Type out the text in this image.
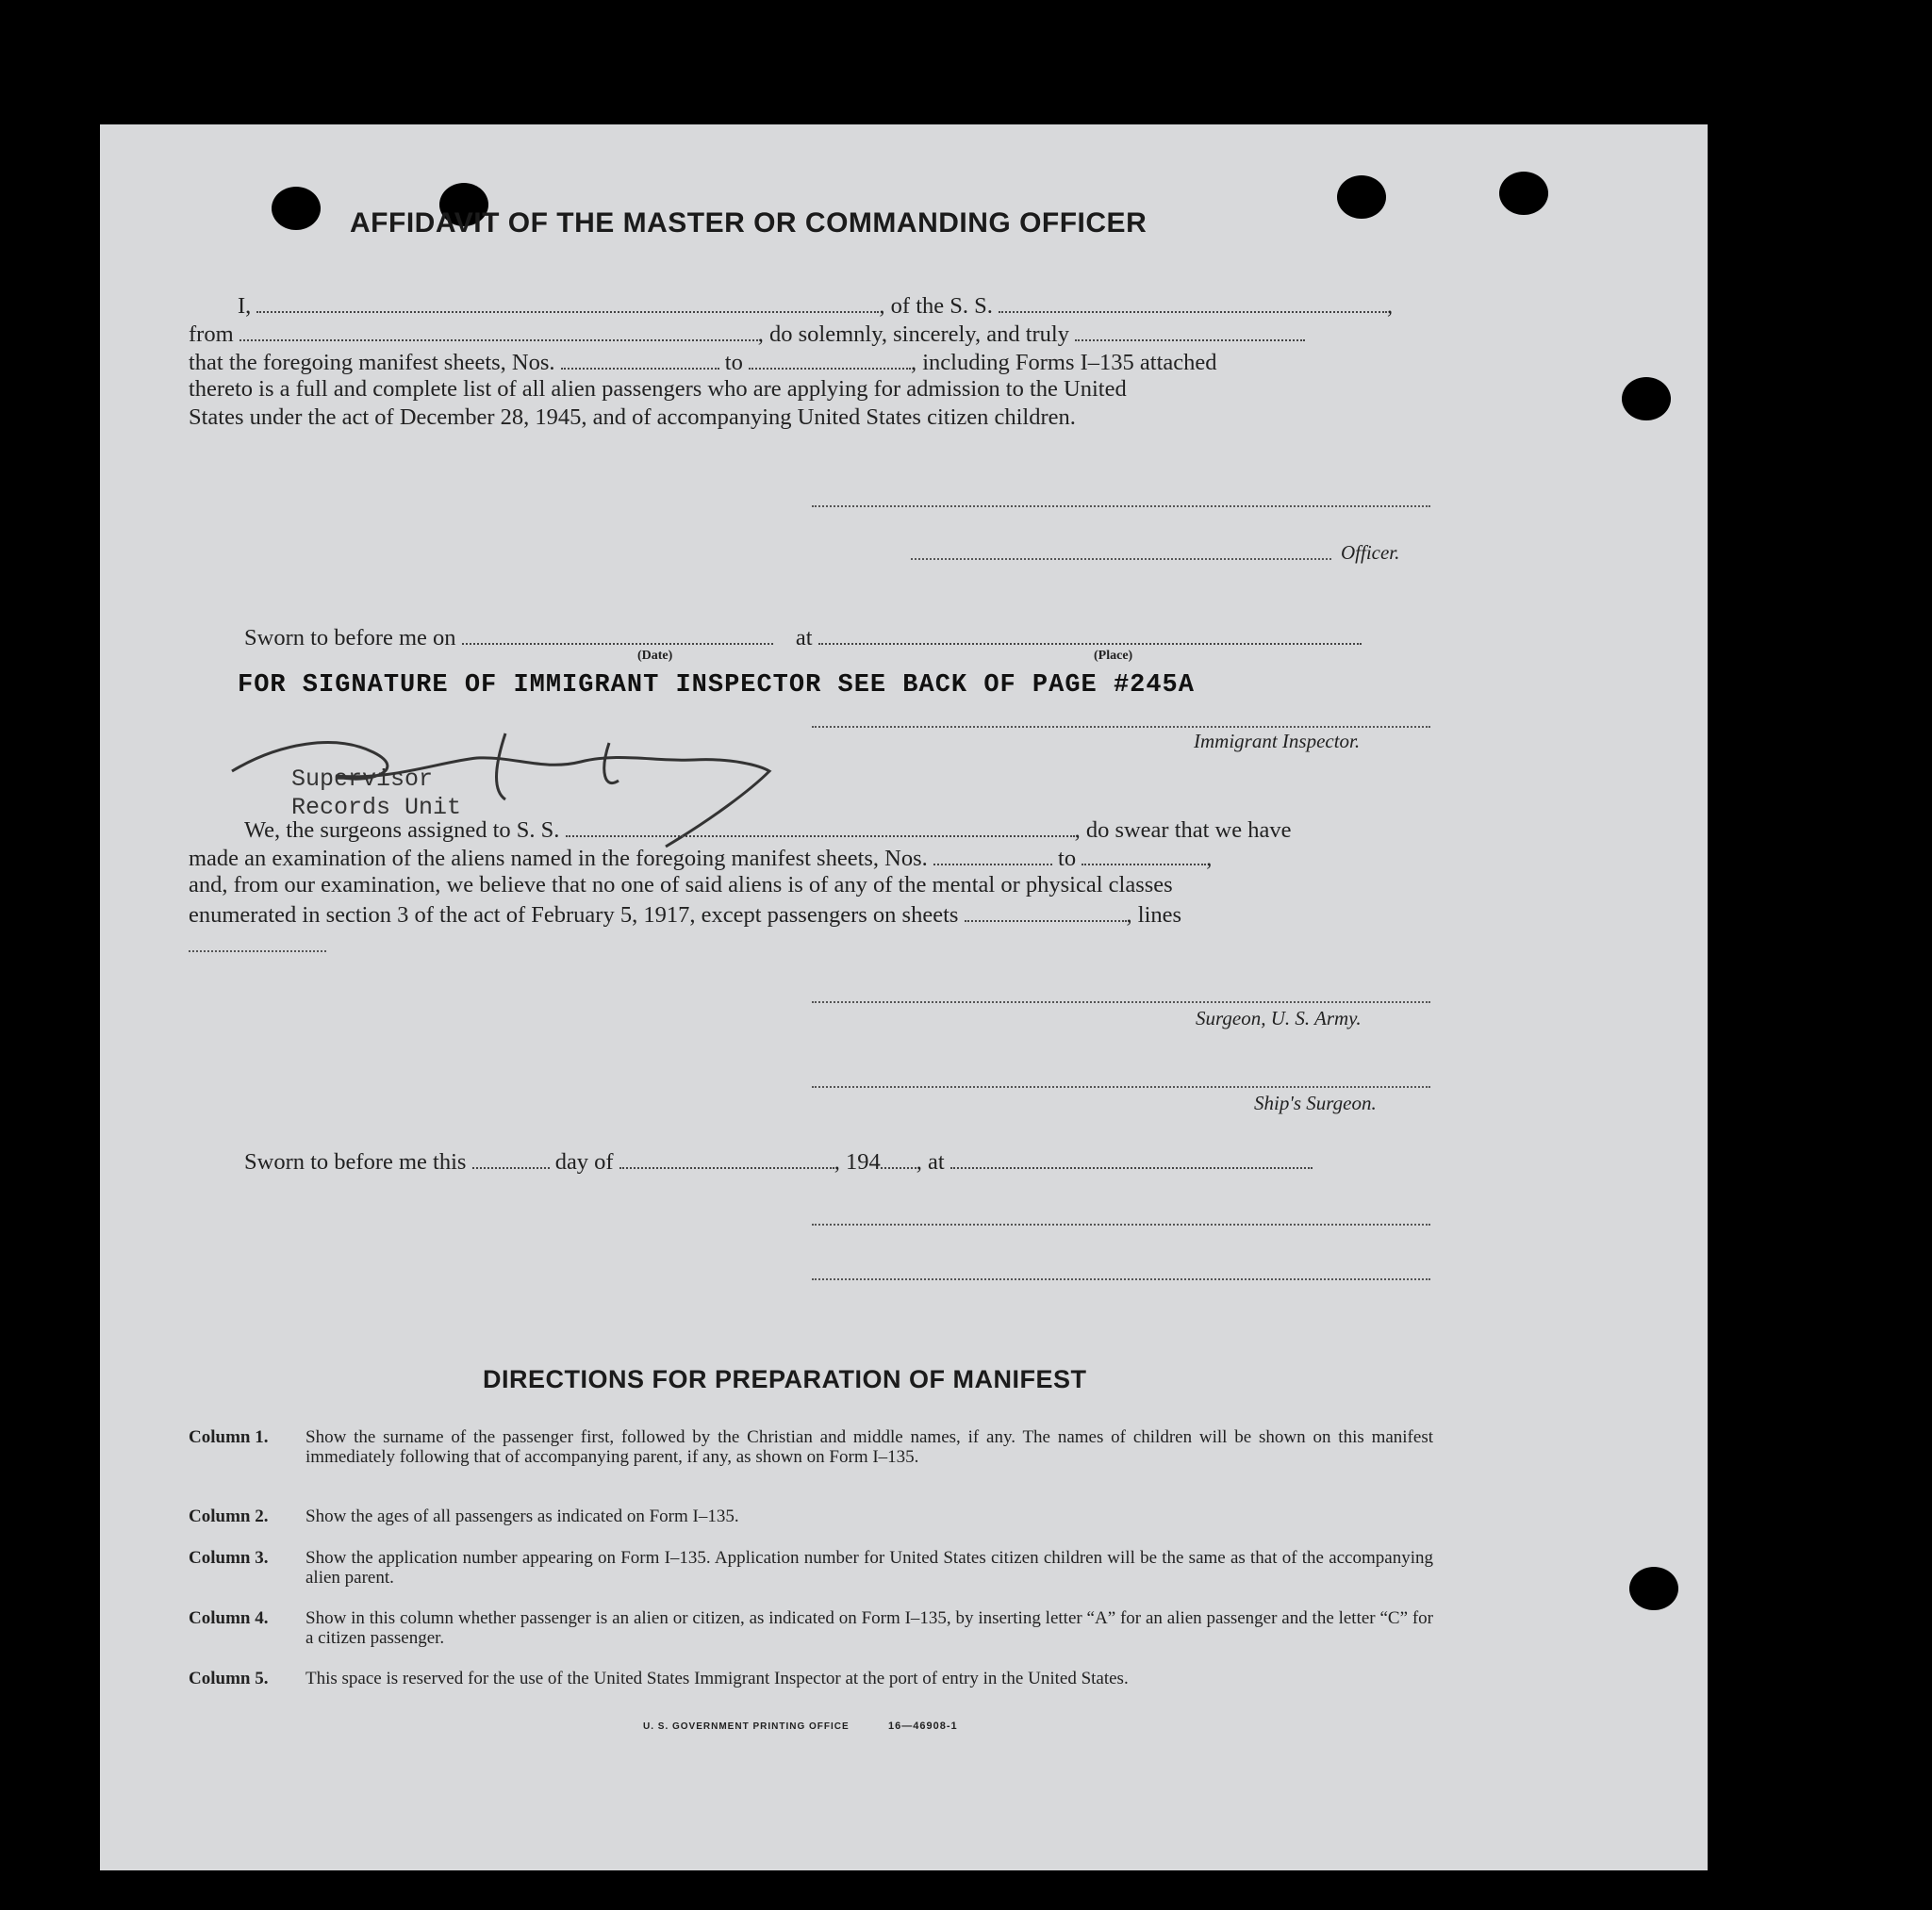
AFFIDAVIT OF THE MASTER OR COMMANDING OFFICER
I,	, of the S. S.	,
from	, do solemnly, sincerely, and truly
that the foregoing manifest sheets, Nos.	to	, including Forms I–135 attached
thereto is a full and complete list of all alien passengers who are applying for admission to the United
States under the act of December 28, 1945, and of accompanying United States citizen children.
Officer.
Sworn to before me on	at
(Date)	(Place)
FOR SIGNATURE OF IMMIGRANT INSPECTOR SEE BACK OF PAGE #245A
Immigrant Inspector.
Supervisor
Records Unit
We, the surgeons assigned to S. S.	, do swear that we have
made an examination of the aliens named in the foregoing manifest sheets, Nos.	to	,
and, from our examination, we believe that no one of said aliens is of any of the mental or physical classes
enumerated in section 3 of the act of February 5, 1917, except passengers on sheets	, lines
Surgeon, U. S. Army.
Ship's Surgeon.
Sworn to before me this	day of	, 194 , at
DIRECTIONS FOR PREPARATION OF MANIFEST
Column 1. Show the surname of the passenger first, followed by the Christian and middle names, if any. The names of children will be shown on this manifest immediately following that of accompanying parent, if any, as shown on Form I–135.
Column 2. Show the ages of all passengers as indicated on Form I–135.
Column 3. Show the application number appearing on Form I–135. Application number for United States citizen children will be the same as that of the accompanying alien parent.
Column 4. Show in this column whether passenger is an alien or citizen, as indicated on Form I–135, by inserting letter “A” for an alien passenger and the letter “C” for a citizen passenger.
Column 5. This space is reserved for the use of the United States Immigrant Inspector at the port of entry in the United States.
U. S. GOVERNMENT PRINTING OFFICE	16—46908-1
